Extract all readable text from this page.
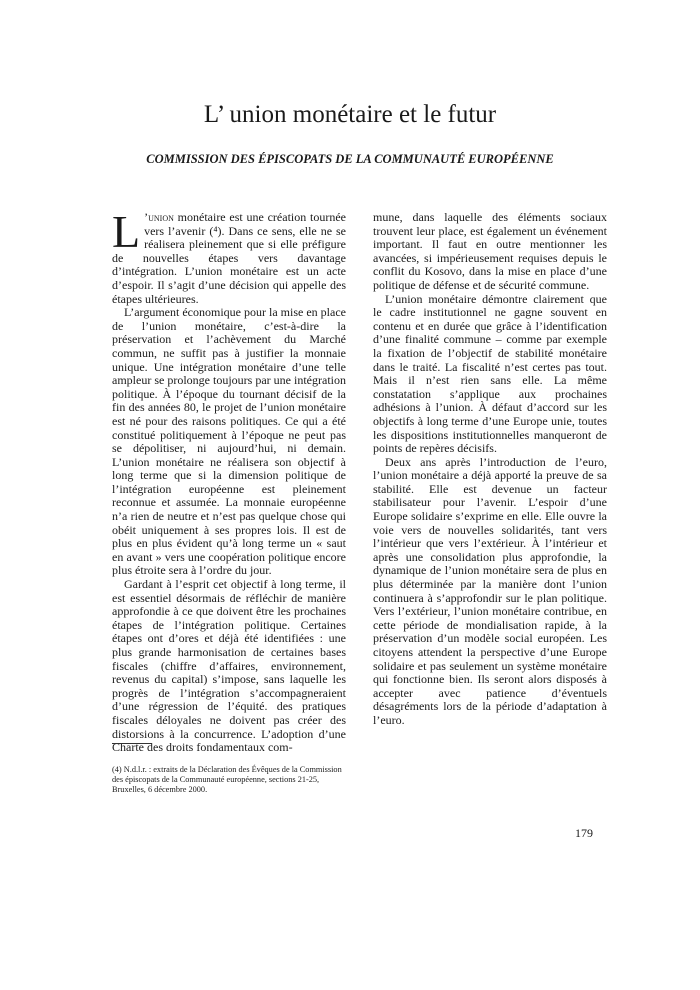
L’ union monétaire et le futur
COMMISSION DES ÉPISCOPATS DE LA COMMUNAUTÉ EUROPÉENNE

L ’union monétaire est une création tournée vers l’avenir (⁴). Dans ce sens, elle ne se réalisera pleinement que si elle préfigure de nouvelles étapes vers davantage d’intégration. L’union monétaire est un acte d’espoir. Il s’agit d’une décision qui appelle des étapes ultérieures.

L’argument économique pour la mise en place de l’union monétaire, c’est-à-dire la préservation et l’achèvement du Marché commun, ne suffit pas à justifier la monnaie unique. Une intégration monétaire d’une telle ampleur se prolonge toujours par une intégration politique. À l’époque du tournant décisif de la fin des années 80, le projet de l’union monétaire est né pour des raisons politiques. Ce qui a été constitué politiquement à l’époque ne peut pas se dépolitiser, ni aujourd’hui, ni demain. L’union monétaire ne réalisera son objectif à long terme que si la dimension politique de l’intégration européenne est pleinement reconnue et assumée. La monnaie européenne n’a rien de neutre et n’est pas quelque chose qui obéit uniquement à ses propres lois. Il est de plus en plus évident qu’à long terme un « saut en avant » vers une coopération politique encore plus étroite sera à l’ordre du jour.

Gardant à l’esprit cet objectif à long terme, il est essentiel désormais de réfléchir de manière approfondie à ce que doivent être les prochaines étapes de l’intégration politique. Certaines étapes ont d’ores et déjà été identifiées : une plus grande harmonisation de certaines bases fiscales (chiffre d’affaires, environnement, revenus du capital) s’impose, sans laquelle les progrès de l’intégration s’accompagneraient d’une régression de l’équité. des pratiques fiscales déloyales ne doivent pas créer des distorsions à la concurrence. L’adoption d’une Charte des droits fondamentaux com-

mune, dans laquelle des éléments sociaux trouvent leur place, est également un événement important. Il faut en outre mentionner les avancées, si impérieusement requises depuis le conflit du Kosovo, dans la mise en place d’une politique de défense et de sécurité commune.

L’union monétaire démontre clairement que le cadre institutionnel ne gagne souvent en contenu et en durée que grâce à l’identification d’une finalité commune – comme par exemple la fixation de l’objectif de stabilité monétaire dans le traité. La fiscalité n’est certes pas tout. Mais il n’est rien sans elle. La même constatation s’applique aux prochaines adhésions à l’union. À défaut d’accord sur les objectifs à long terme d’une Europe unie, toutes les dispositions institutionnelles manqueront de points de repères décisifs.

Deux ans après l’introduction de l’euro, l’union monétaire a déjà apporté la preuve de sa stabilité. Elle est devenue un facteur stabilisateur pour l’avenir. L’espoir d’une Europe solidaire s’exprime en elle. Elle ouvre la voie vers de nouvelles solidarités, tant vers l’intérieur que vers l’extérieur. À l’intérieur et après une consolidation plus approfondie, la dynamique de l’union monétaire sera de plus en plus déterminée par la manière dont l’union continuera à s’approfondir sur le plan politique. Vers l’extérieur, l’union monétaire contribue, en cette période de mondialisation rapide, à la préservation d’un modèle social européen. Les citoyens attendent la perspective d’une Europe solidaire et pas seulement un système monétaire qui fonctionne bien. Ils seront alors disposés à accepter avec patience d’éventuels désagréments lors de la période d’adaptation à l’euro.

(4) N.d.l.r. : extraits de la Déclaration des Évêques de la Commission des épiscopats de la Communauté européenne, sections 21-25, Bruxelles, 6 décembre 2000.

179
